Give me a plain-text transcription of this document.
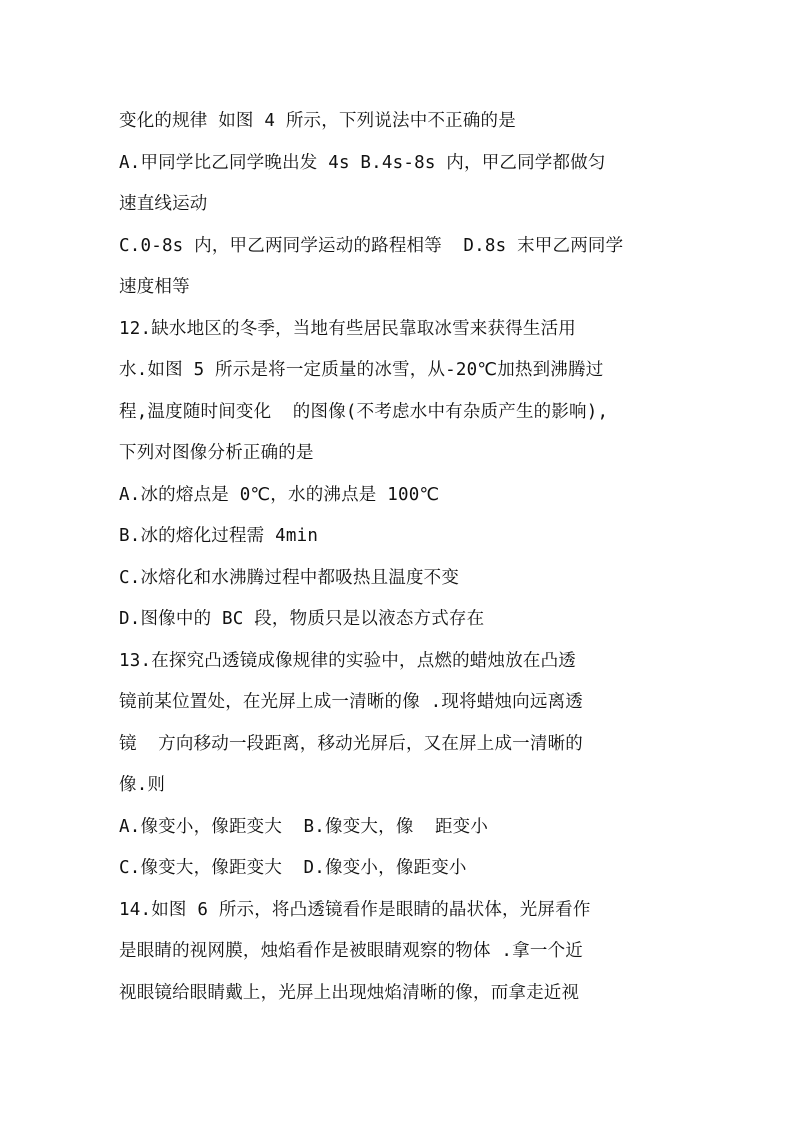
变化的规律 如图 4 所示，下列说法中不正确的是
A.甲同学比乙同学晚出发 4s B.4s-8s 内，甲乙同学都做匀
速直线运动
C.0-8s 内，甲乙两同学运动的路程相等  D.8s 末甲乙两同学
速度相等
12.缺水地区的冬季，当地有些居民靠取冰雪来获得生活用
水.如图 5 所示是将一定质量的冰雪，从-20℃加热到沸腾过
程,温度随时间变化  的图像(不考虑水中有杂质产生的影响),
下列对图像分析正确的是
A.冰的熔点是 0℃，水的沸点是 100℃
B.冰的熔化过程需 4min
C.冰熔化和水沸腾过程中都吸热且温度不变
D.图像中的 BC 段，物质只是以液态方式存在
13.在探究凸透镜成像规律的实验中，点燃的蜡烛放在凸透
镜前某位置处，在光屏上成一清晰的像 .现将蜡烛向远离透
镜  方向移动一段距离，移动光屏后，又在屏上成一清晰的
像.则
A.像变小，像距变大  B.像变大，像  距变小
C.像变大，像距变大  D.像变小，像距变小
14.如图 6 所示，将凸透镜看作是眼睛的晶状体，光屏看作
是眼睛的视网膜，烛焰看作是被眼睛观察的物体 .拿一个近
视眼镜给眼睛戴上，光屏上出现烛焰清晰的像，而拿走近视
